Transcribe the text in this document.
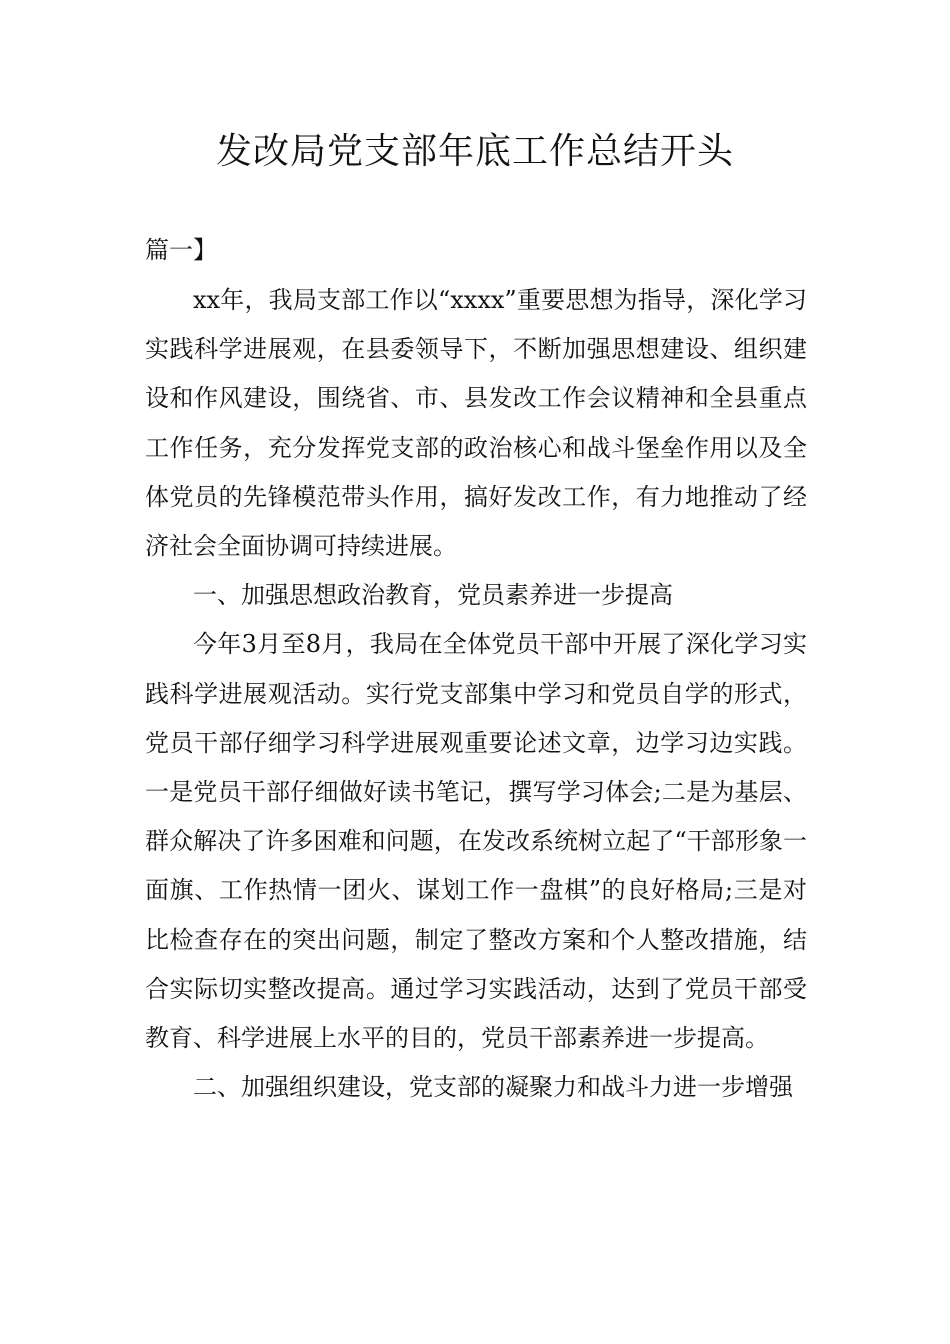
发改局党支部年底工作总结开头
篇一】

xx年，我局支部工作以“xxxx”重要思想为指导，深化学习实践科学进展观，在县委领导下，不断加强思想建设、组织建设和作风建设，围绕省、市、县发改工作会议精神和全县重点工作任务，充分发挥党支部的政治核心和战斗堡垒作用以及全体党员的先锋模范带头作用，搞好发改工作，有力地推动了经济社会全面协调可持续进展。

一、加强思想政治教育，党员素养进一步提高

今年3月至8月，我局在全体党员干部中开展了深化学习实践科学进展观活动。实行党支部集中学习和党员自学的形式，党员干部仔细学习科学进展观重要论述文章，边学习边实践。一是党员干部仔细做好读书笔记，撰写学习体会;二是为基层、群众解决了许多困难和问题，在发改系统树立起了“干部形象一面旗、工作热情一团火、谋划工作一盘棋”的良好格局;三是对比检查存在的突出问题，制定了整改方案和个人整改措施，结合实际切实整改提高。通过学习实践活动，达到了党员干部受教育、科学进展上水平的目的，党员干部素养进一步提高。

二、加强组织建设，党支部的凝聚力和战斗力进一步增强
